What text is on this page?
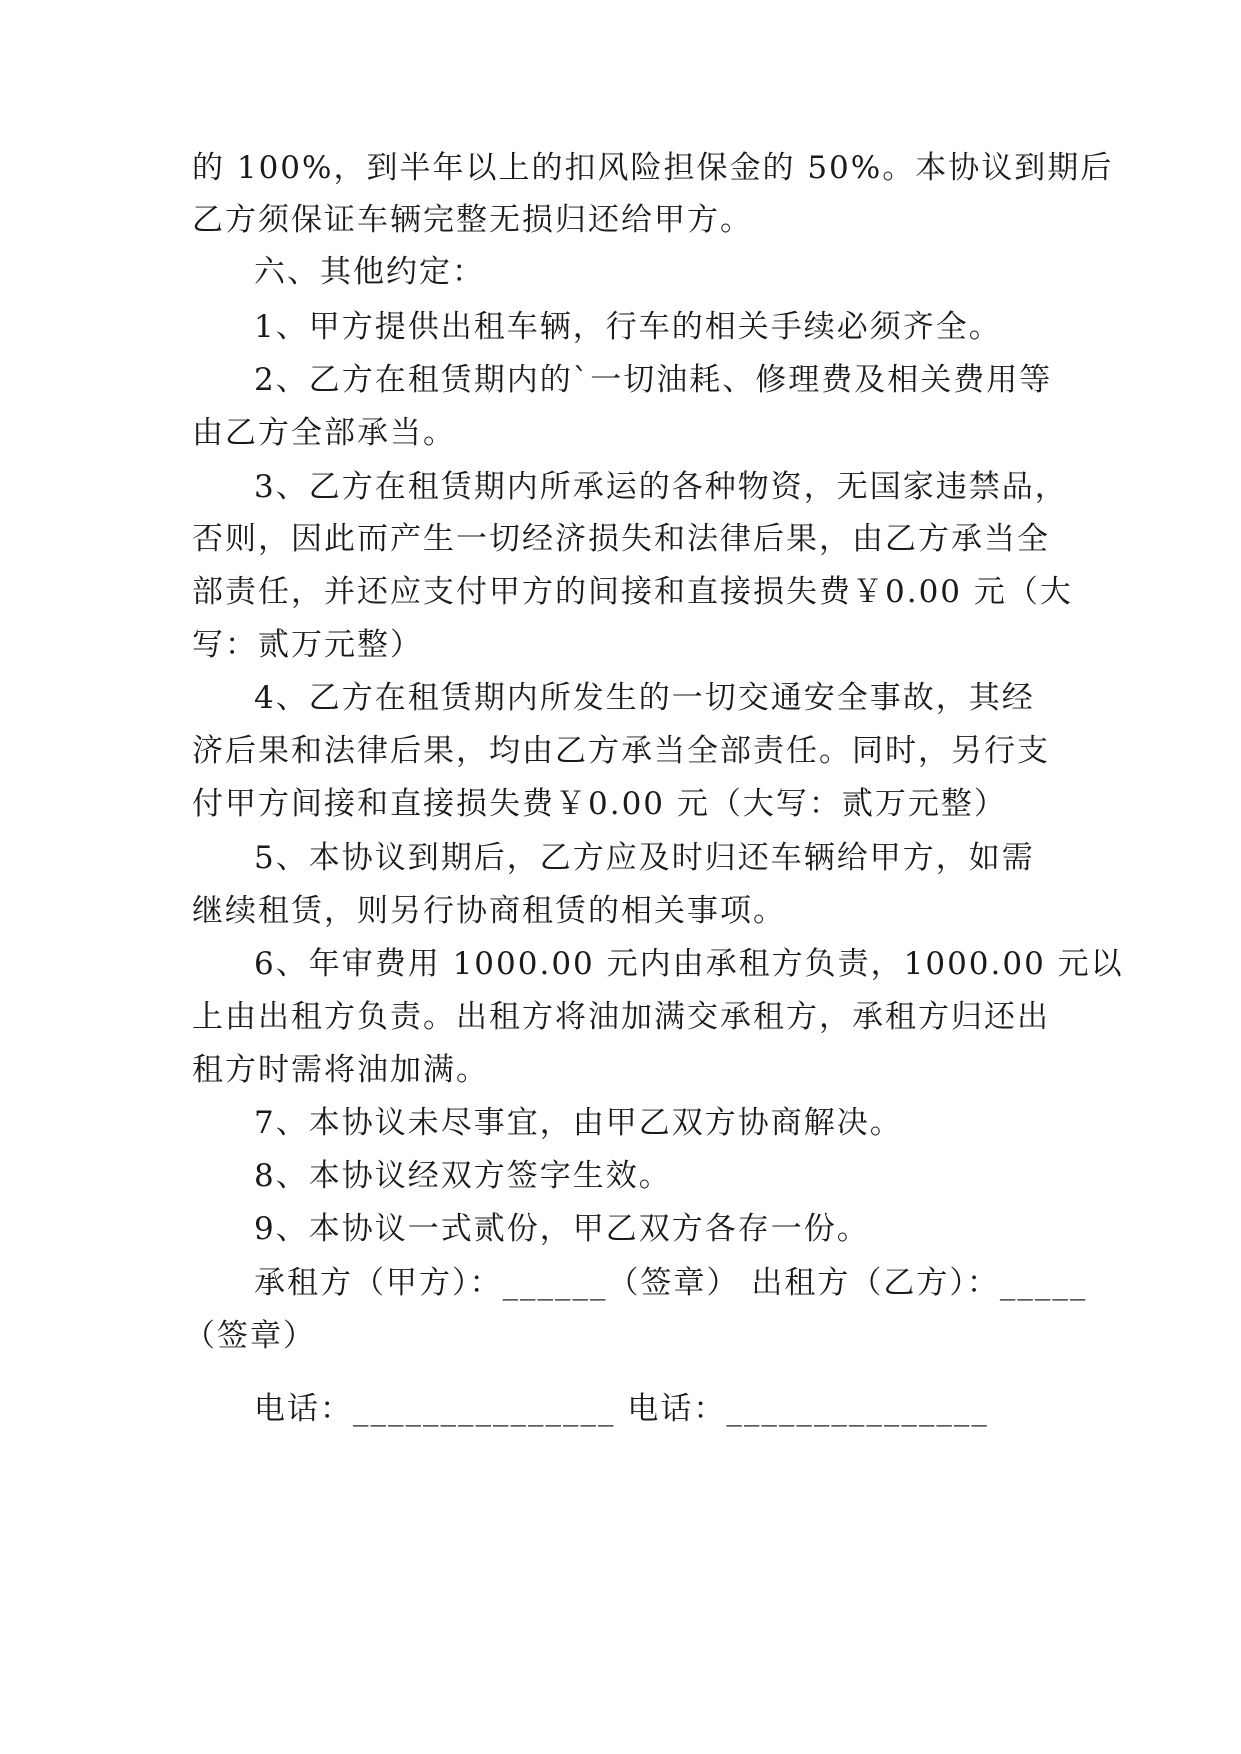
的 100%，到半年以上的扣风险担保金的 50%。本协议到期后
乙方须保证车辆完整无损归还给甲方。
六、其他约定：
1、甲方提供出租车辆，行车的相关手续必须齐全。
2、乙方在租赁期内的`一切油耗、修理费及相关费用等
由乙方全部承当。
3、乙方在租赁期内所承运的各种物资，无国家违禁品，
否则，因此而产生一切经济损失和法律后果，由乙方承当全
部责任，并还应支付甲方的间接和直接损失费￥0.00 元（大
写：贰万元整）
4、乙方在租赁期内所发生的一切交通安全事故，其经
济后果和法律后果，均由乙方承当全部责任。同时，另行支
付甲方间接和直接损失费￥0.00 元（大写：贰万元整）
5、本协议到期后，乙方应及时归还车辆给甲方，如需
继续租赁，则另行协商租赁的相关事项。
6、年审费用 1000.00 元内由承租方负责，1000.00 元以
上由出租方负责。出租方将油加满交承租方，承租方归还出
租方时需将油加满。
7、本协议未尽事宜，由甲乙双方协商解决。
8、本协议经双方签字生效。
9、本协议一式贰份，甲乙双方各存一份。
承租方（甲方）：______（签章） 出租方（乙方）：_____
（签章）
电话：_______________ 电话：_______________
